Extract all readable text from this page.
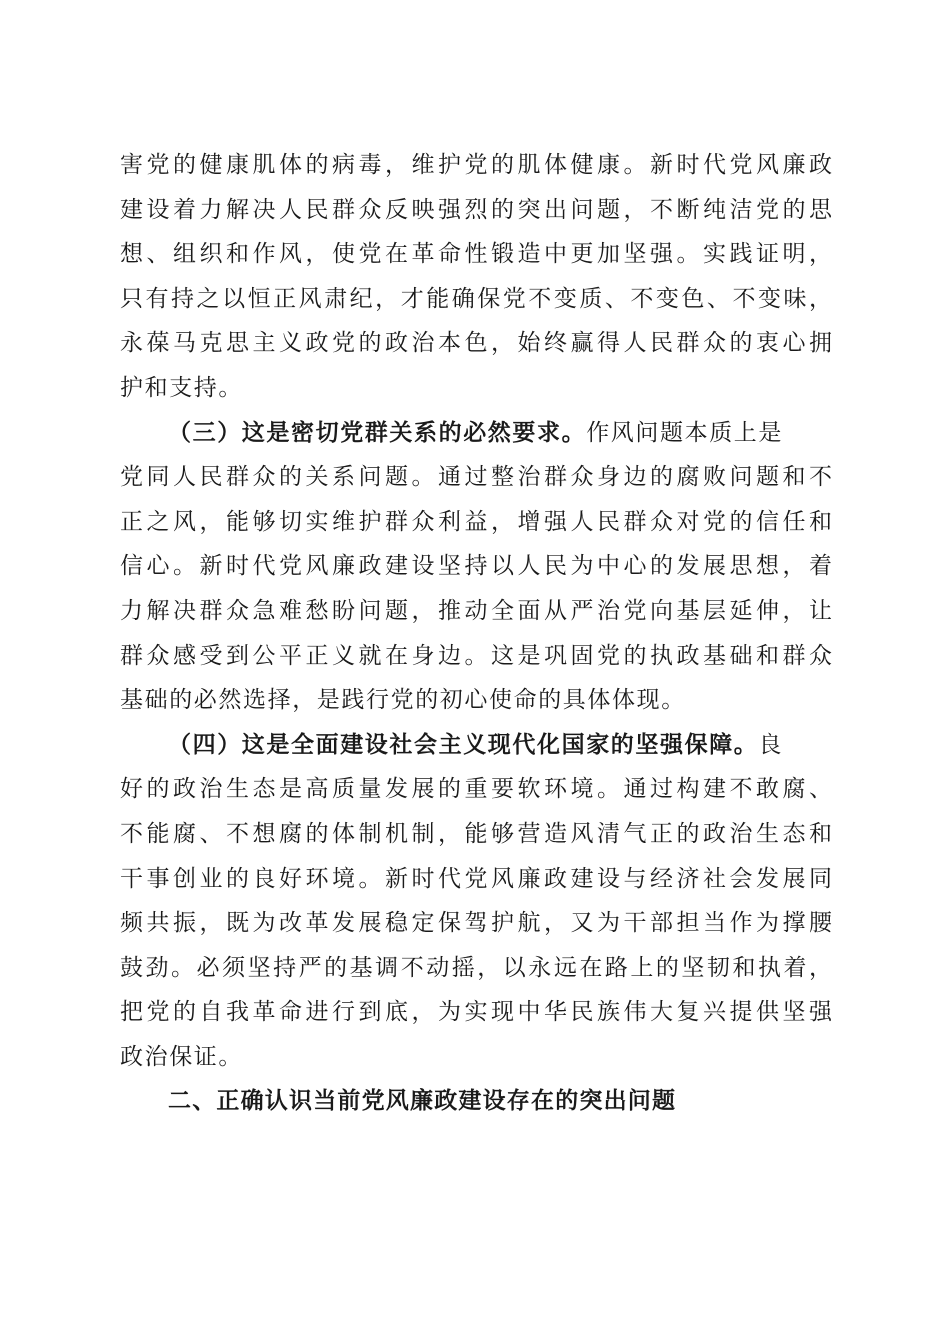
害党的健康肌体的病毒，维护党的肌体健康。新时代党风廉政
建设着力解决人民群众反映强烈的突出问题，不断纯洁党的思
想、组织和作风，使党在革命性锻造中更加坚强。实践证明，
只有持之以恒正风肃纪，才能确保党不变质、不变色、不变味，
永葆马克思主义政党的政治本色，始终赢得人民群众的衷心拥
护和支持。
（三）这是密切党群关系的必然要求。作风问题本质上是
党同人民群众的关系问题。通过整治群众身边的腐败问题和不
正之风，能够切实维护群众利益，增强人民群众对党的信任和
信心。新时代党风廉政建设坚持以人民为中心的发展思想，着
力解决群众急难愁盼问题，推动全面从严治党向基层延伸，让
群众感受到公平正义就在身边。这是巩固党的执政基础和群众
基础的必然选择，是践行党的初心使命的具体体现。
（四）这是全面建设社会主义现代化国家的坚强保障。良
好的政治生态是高质量发展的重要软环境。通过构建不敢腐、
不能腐、不想腐的体制机制，能够营造风清气正的政治生态和
干事创业的良好环境。新时代党风廉政建设与经济社会发展同
频共振，既为改革发展稳定保驾护航，又为干部担当作为撑腰
鼓劲。必须坚持严的基调不动摇，以永远在路上的坚韧和执着，
把党的自我革命进行到底，为实现中华民族伟大复兴提供坚强
政治保证。
二、正确认识当前党风廉政建设存在的突出问题
